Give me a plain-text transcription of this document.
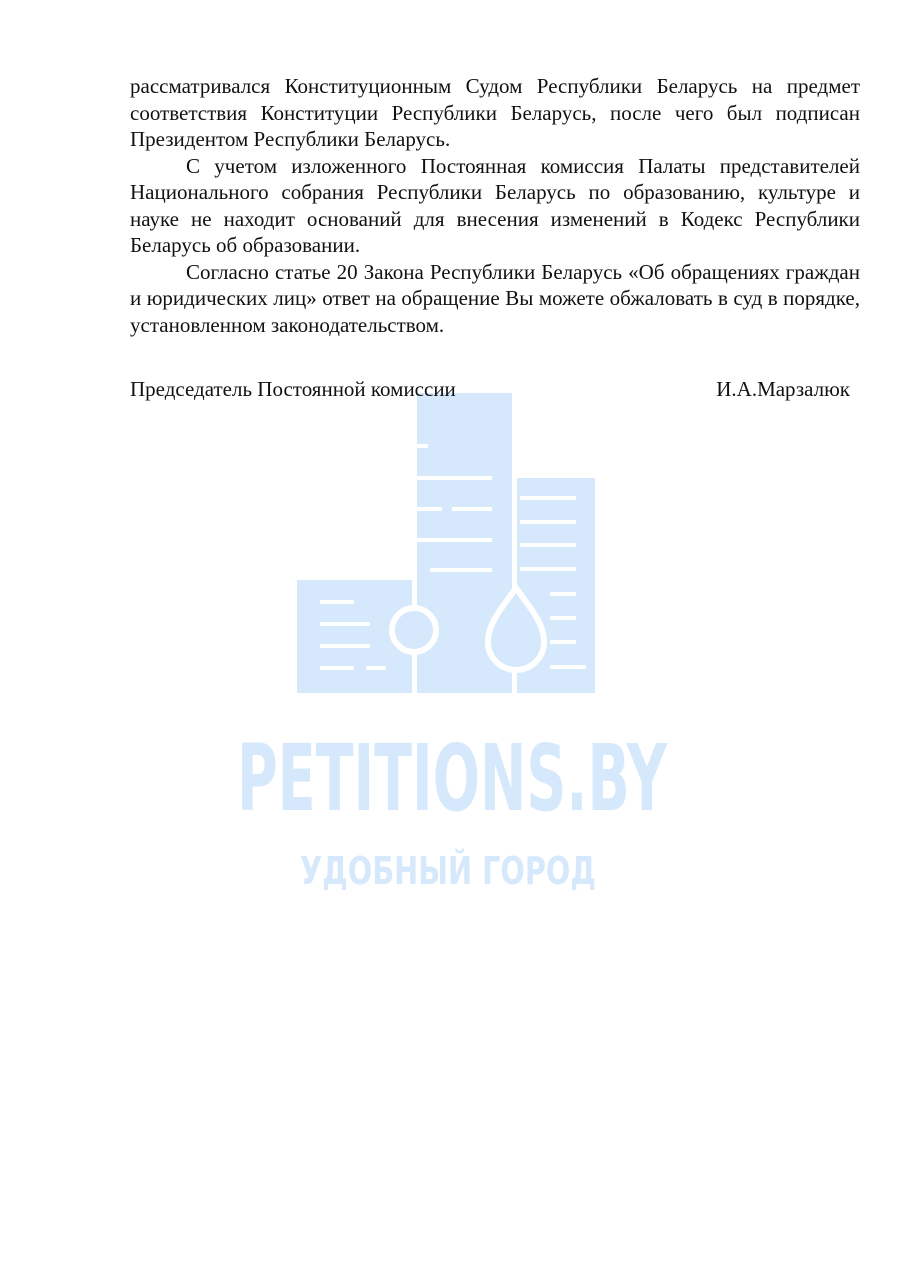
PETITIONS.BY
УДОБНЫЙ ГОРОД

рассматривался Конституционным Судом Республики Беларусь на предмет соответствия Конституции Республики Беларусь, после чего был подписан Президентом Республики Беларусь.

С учетом изложенного Постоянная комиссия Палаты представителей Национального собрания Республики Беларусь по образованию, культуре и науке не находит оснований для внесения изменений в Кодекс Республики Беларусь об образовании.

Согласно статье 20 Закона Республики Беларусь «Об обращениях граждан и юридических лиц» ответ на обращение Вы можете обжаловать в суд в порядке, установленном законодательством.

Председатель Постоянной комиссии	И.А.Марзалюк
